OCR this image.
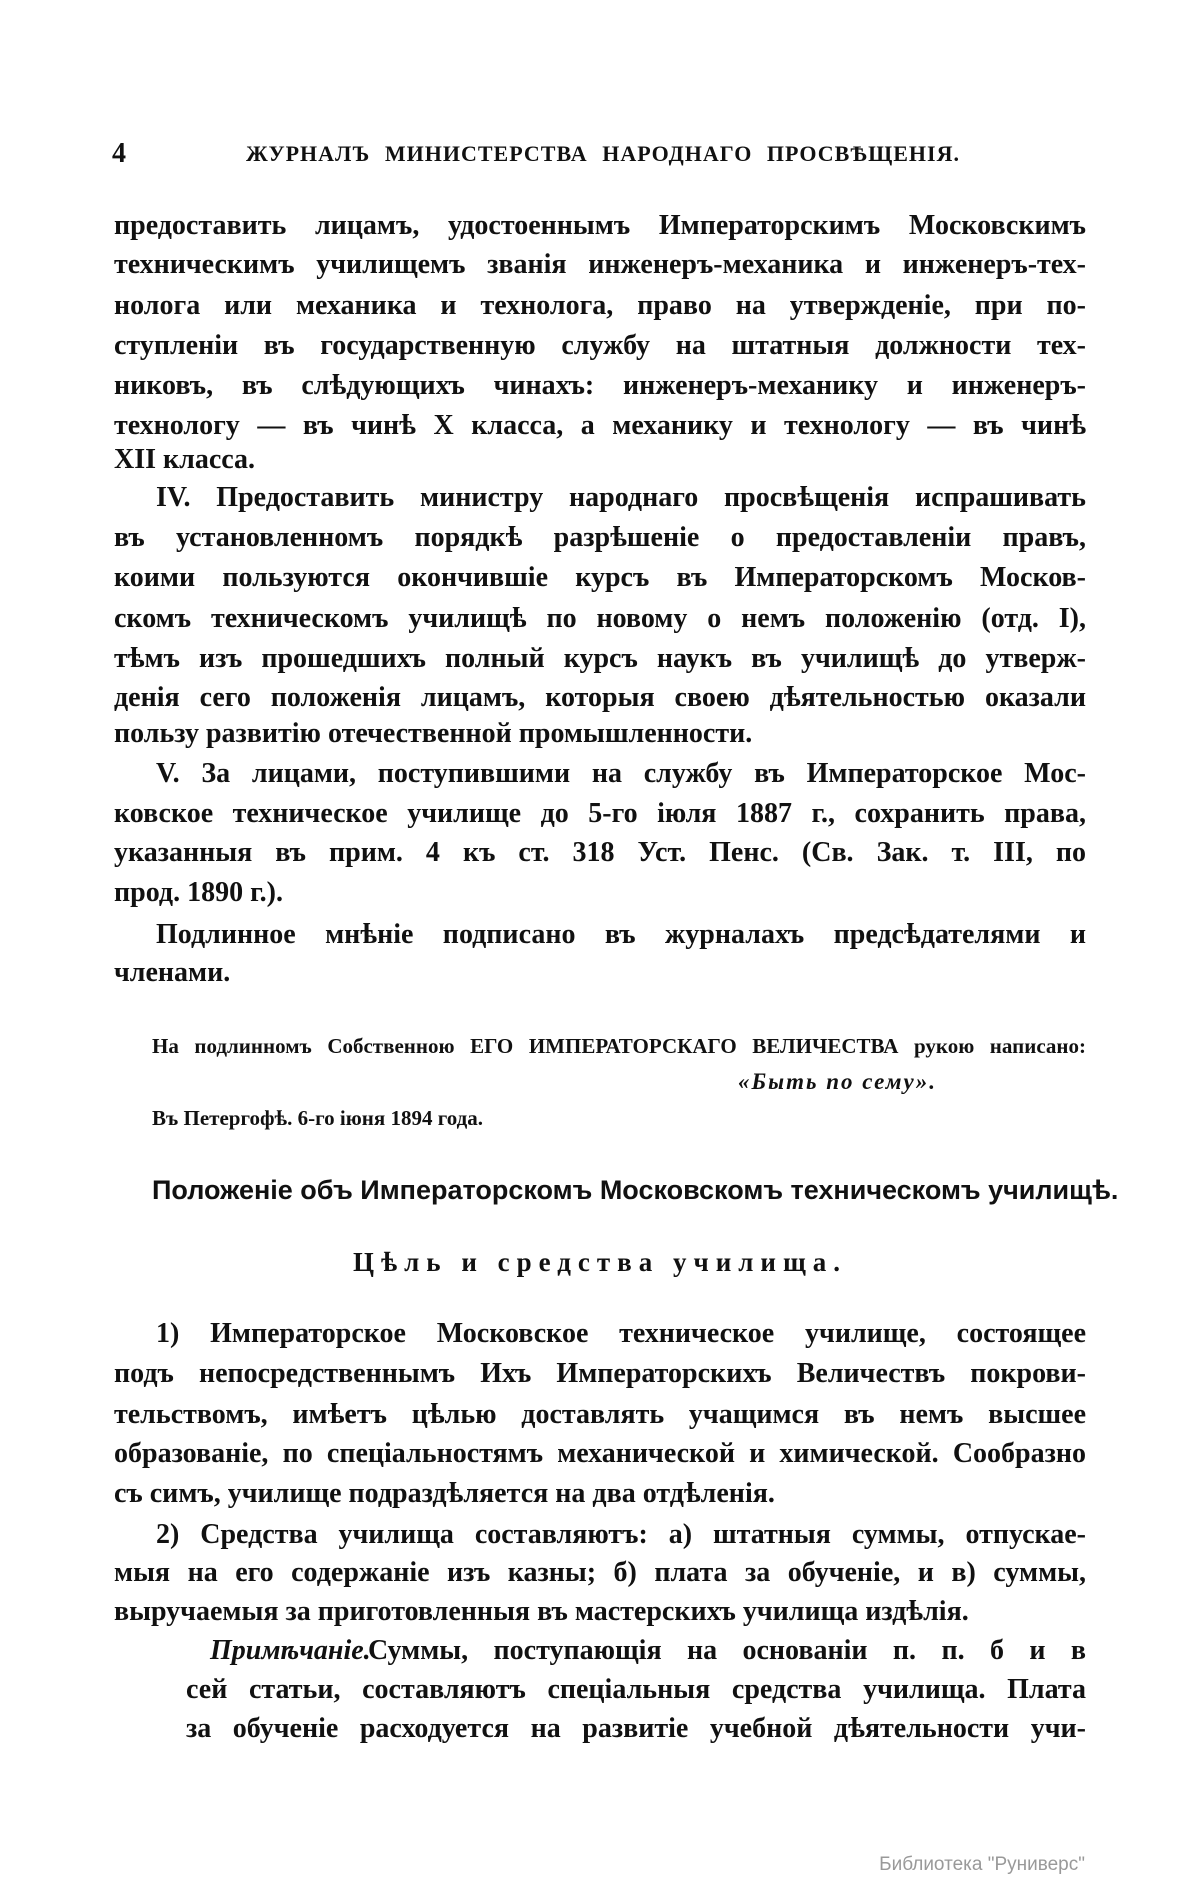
4	ЖУРНАЛЪ МИНИСТЕРСТВА НАРОДНАГО ПРОСВѢЩЕНІЯ.
На подлинномъ Собственною ЕГО ИМПЕРАТОРСКАГО ВЕЛИЧЕСТВА рукою написано:
«Быть по сему».
Въ Петергофѣ. 6-го іюня 1894 года.
Положеніе объ Императорскомъ Московскомъ техническомъ училищѣ.
Цѣль и средства училища.
Примѣчаніе.
Библиотека "Руниверс"
предоставить лицамъ, удостоеннымъ Императорскимъ Московскимъ
техническимъ училищемъ званія инженеръ-механика и инженеръ-тех-
нолога или механика и технолога, право на утвержденіе, при по-
ступленіи въ государственную службу на штатныя должности тех-
никовъ, въ слѣдующихъ чинахъ: инженеръ-механику и инженеръ-
технологу — въ чинѣ X класса, а механику и технологу — въ чинѣ
XII класса.
IV. Предоставить министру народнаго просвѣщенія испрашивать
въ установленномъ порядкѣ разрѣшеніе о предоставленіи правъ,
коими пользуются окончившіе курсъ въ Императорскомъ Москов-
скомъ техническомъ училищѣ по новому о немъ положенію (отд. I),
тѣмъ изъ прошедшихъ полный курсъ наукъ въ училищѣ до утверж-
денія сего положенія лицамъ, которыя своею дѣятельностью оказали
пользу развитію отечественной промышленности.
V. За лицами, поступившими на службу въ Императорское Мос-
ковское техническое училище до 5-го іюля 1887 г., сохранить права,
указанныя въ прим. 4 къ ст. 318 Уст. Пенс. (Св. Зак. т. III, по
прод. 1890 г.).
Подлинное мнѣніе подписано въ журналахъ предсѣдателями и
членами.
1) Императорское Московское техническое училище, состоящее
подъ непосредственнымъ Ихъ Императорскихъ Величествъ покрови-
тельствомъ, имѣетъ цѣлью доставлять учащимся въ немъ высшее
образованіе, по спеціальностямъ механической и химической. Сообразно
съ симъ, училище подраздѣляется на два отдѣленія.
2) Средства училища составляютъ: а) штатныя суммы, отпускае-
мыя на его содержаніе изъ казны; б) плата за обученіе, и в) суммы,
выручаемыя за приготовленныя въ мастерскихъ училища издѣлія.
Суммы, поступающія на основаніи п. п. б и в
сей статьи, составляютъ спеціальныя средства училища. Плата
за обученіе расходуется на развитіе учебной дѣятельности учи-
